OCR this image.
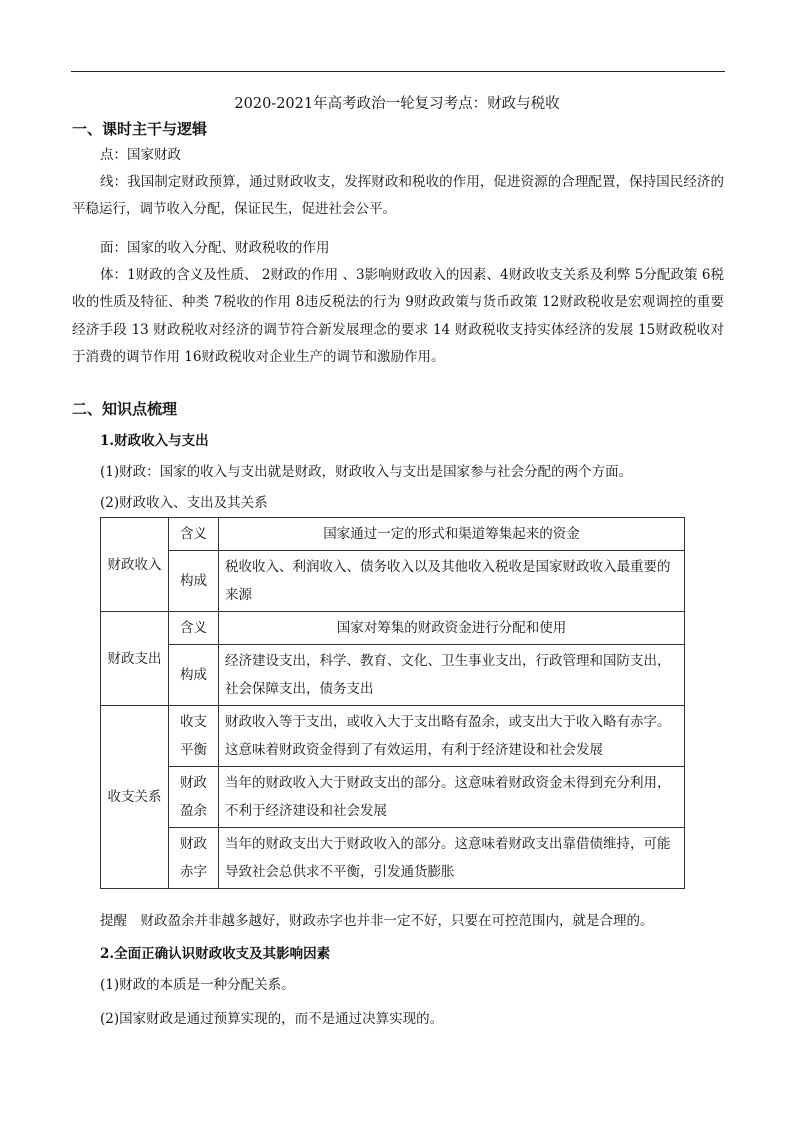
2020-2021年高考政治一轮复习考点：财政与税收
一、课时主干与逻辑
点：国家财政
线：我国制定财政预算，通过财政收支，发挥财政和税收的作用，促进资源的合理配置，保持国民经济的平稳运行，调节收入分配，保证民生，促进社会公平。
面：国家的收入分配、财政税收的作用
体：1财政的含义及性质、 2财政的作用 、3影响财政收入的因素、4财政收支关系及利弊 5分配政策 6税收的性质及特征、种类 7税收的作用 8违反税法的行为 9财政政策与货币政策 12财政税收是宏观调控的重要经济手段 13 财政税收对经济的调节符合新发展理念的要求 14 财政税收支持实体经济的发展 15财政税收对于消费的调节作用 16财政税收对企业生产的调节和激励作用。
二、知识点梳理
1.财政收入与支出
(1)财政：国家的收入与支出就是财政，财政收入与支出是国家参与社会分配的两个方面。
(2)财政收入、支出及其关系
财政收入	含义	国家通过一定的形式和渠道筹集起来的资金
	构成	税收收入、利润收入、债务收入以及其他收入税收是国家财政收入最重要的来源
财政支出	含义	国家对筹集的财政资金进行分配和使用
	构成	经济建设支出，科学、教育、文化、卫生事业支出，行政管理和国防支出，社会保障支出，债务支出
收支关系	收支平衡	财政收入等于支出，或收入大于支出略有盈余，或支出大于收入略有赤字。这意味着财政资金得到了有效运用，有利于经济建设和社会发展
	财政盈余	当年的财政收入大于财政支出的部分。这意味着财政资金未得到充分利用，不利于经济建设和社会发展
	财政赤字	当年的财政支出大于财政收入的部分。这意味着财政支出靠借债维持，可能导致社会总供求不平衡，引发通货膨胀
提醒　财政盈余并非越多越好，财政赤字也并非一定不好，只要在可控范围内，就是合理的。
2.全面正确认识财政收支及其影响因素
(1)财政的本质是一种分配关系。
(2)国家财政是通过预算实现的，而不是通过决算实现的。
